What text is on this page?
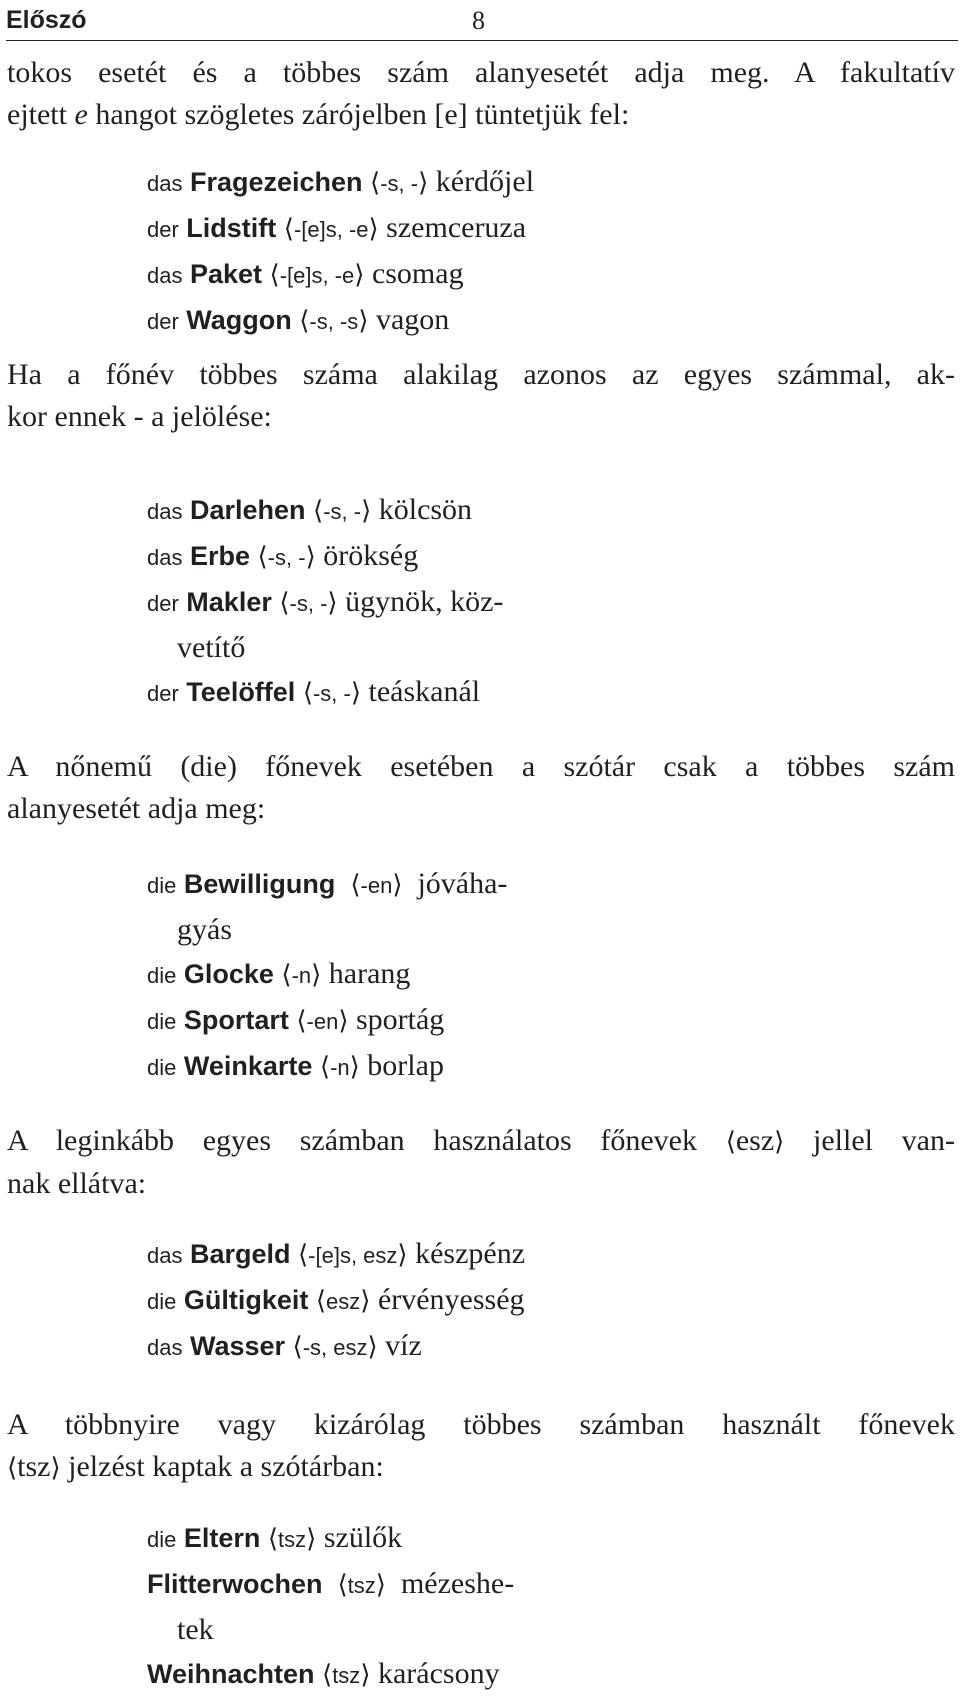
Előszó	8
tokos esetét és a többes szám alanyesetét adja meg. A fakultatív
ejtett e hangot szögletes zárójelben [e] tüntetjük fel:
das Fragezeichen ⟨-s, -⟩ kérdőjel
der Lidstift ⟨-[e]s, -e⟩ szemceruza
das Paket ⟨-[e]s, -e⟩ csomag
der Waggon ⟨-s, -s⟩ vagon
Ha a főnév többes száma alakilag azonos az egyes számmal, ak-
kor ennek - a jelölése:
das Darlehen ⟨-s, -⟩ kölcsön
das Erbe ⟨-s, -⟩ örökség
der Makler ⟨-s, -⟩ ügynök, köz-
vetítő
der Teelöffel ⟨-s, -⟩ teáskanál
A nőnemű (die) főnevek esetében a szótár csak a többes szám
alanyesetét adja meg:
die Bewilligung ⟨-en⟩ jóváha-
gyás
die Glocke ⟨-n⟩ harang
die Sportart ⟨-en⟩ sportág
die Weinkarte ⟨-n⟩ borlap
A leginkább egyes számban használatos főnevek ⟨esz⟩ jellel van-
nak ellátva:
das Bargeld ⟨-[e]s, esz⟩ készpénz
die Gültigkeit ⟨esz⟩ érvényesség
das Wasser ⟨-s, esz⟩ víz
A többnyire vagy kizárólag többes számban használt főnevek
⟨tsz⟩ jelzést kaptak a szótárban:
die Eltern ⟨tsz⟩ szülők
Flitterwochen ⟨tsz⟩ mézeshe-
tek
Weihnachten ⟨tsz⟩ karácsony
